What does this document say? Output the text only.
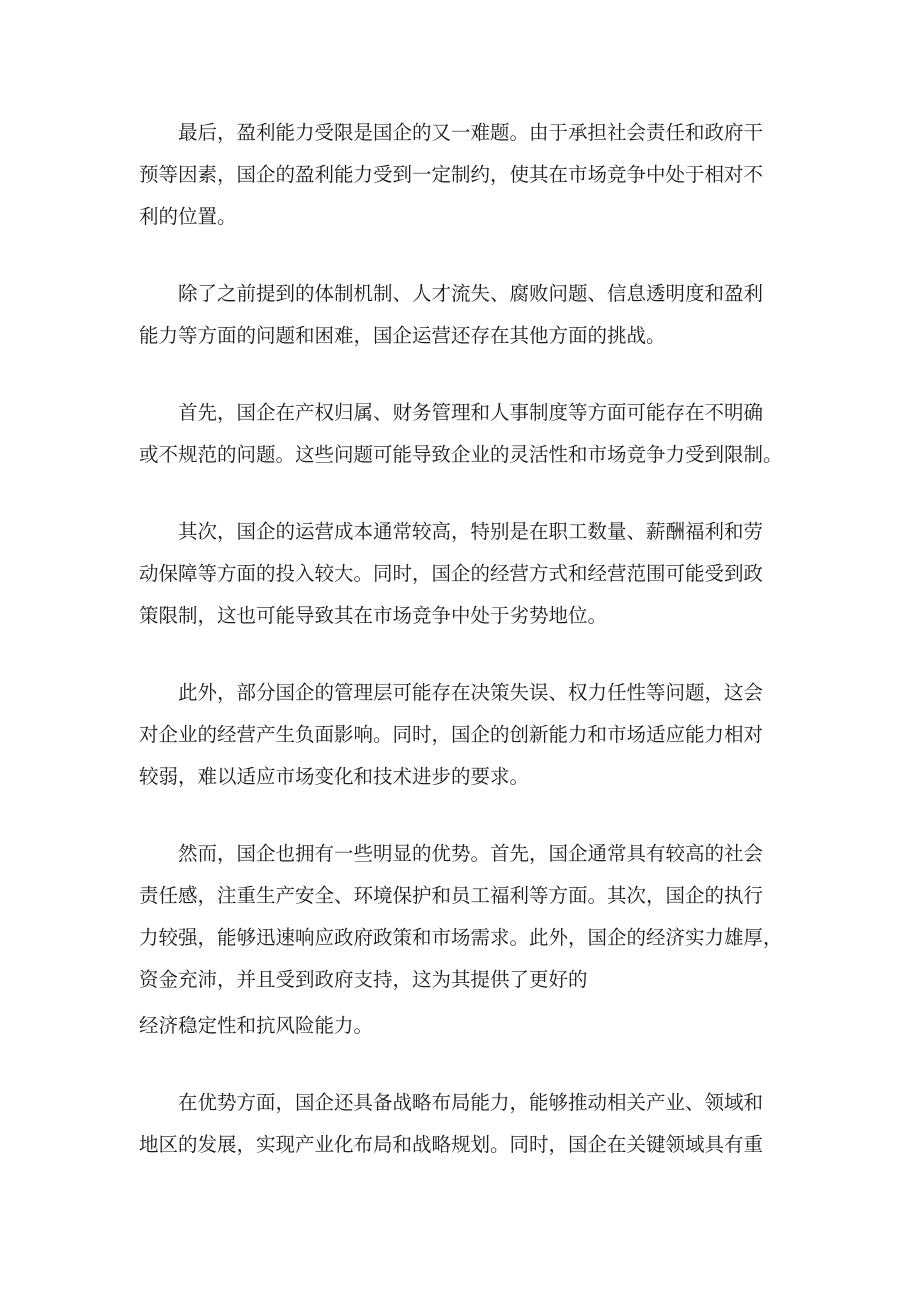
最后，盈利能力受限是国企的又一难题。由于承担社会责任和政府干
预等因素，国企的盈利能力受到一定制约，使其在市场竞争中处于相对不
利的位置。

除了之前提到的体制机制、人才流失、腐败问题、信息透明度和盈利
能力等方面的问题和困难，国企运营还存在其他方面的挑战。

首先，国企在产权归属、财务管理和人事制度等方面可能存在不明确
或不规范的问题。这些问题可能导致企业的灵活性和市场竞争力受到限制。

其次，国企的运营成本通常较高，特别是在职工数量、薪酬福利和劳
动保障等方面的投入较大。同时，国企的经营方式和经营范围可能受到政
策限制，这也可能导致其在市场竞争中处于劣势地位。

此外，部分国企的管理层可能存在决策失误、权力任性等问题，这会
对企业的经营产生负面影响。同时，国企的创新能力和市场适应能力相对
较弱，难以适应市场变化和技术进步的要求。

然而，国企也拥有一些明显的优势。首先，国企通常具有较高的社会
责任感，注重生产安全、环境保护和员工福利等方面。其次，国企的执行
力较强，能够迅速响应政府政策和市场需求。此外，国企的经济实力雄厚，
资金充沛，并且受到政府支持，这为其提供了更好的

经济稳定性和抗风险能力。

在优势方面，国企还具备战略布局能力，能够推动相关产业、领域和
地区的发展，实现产业化布局和战略规划。同时，国企在关键领域具有重
